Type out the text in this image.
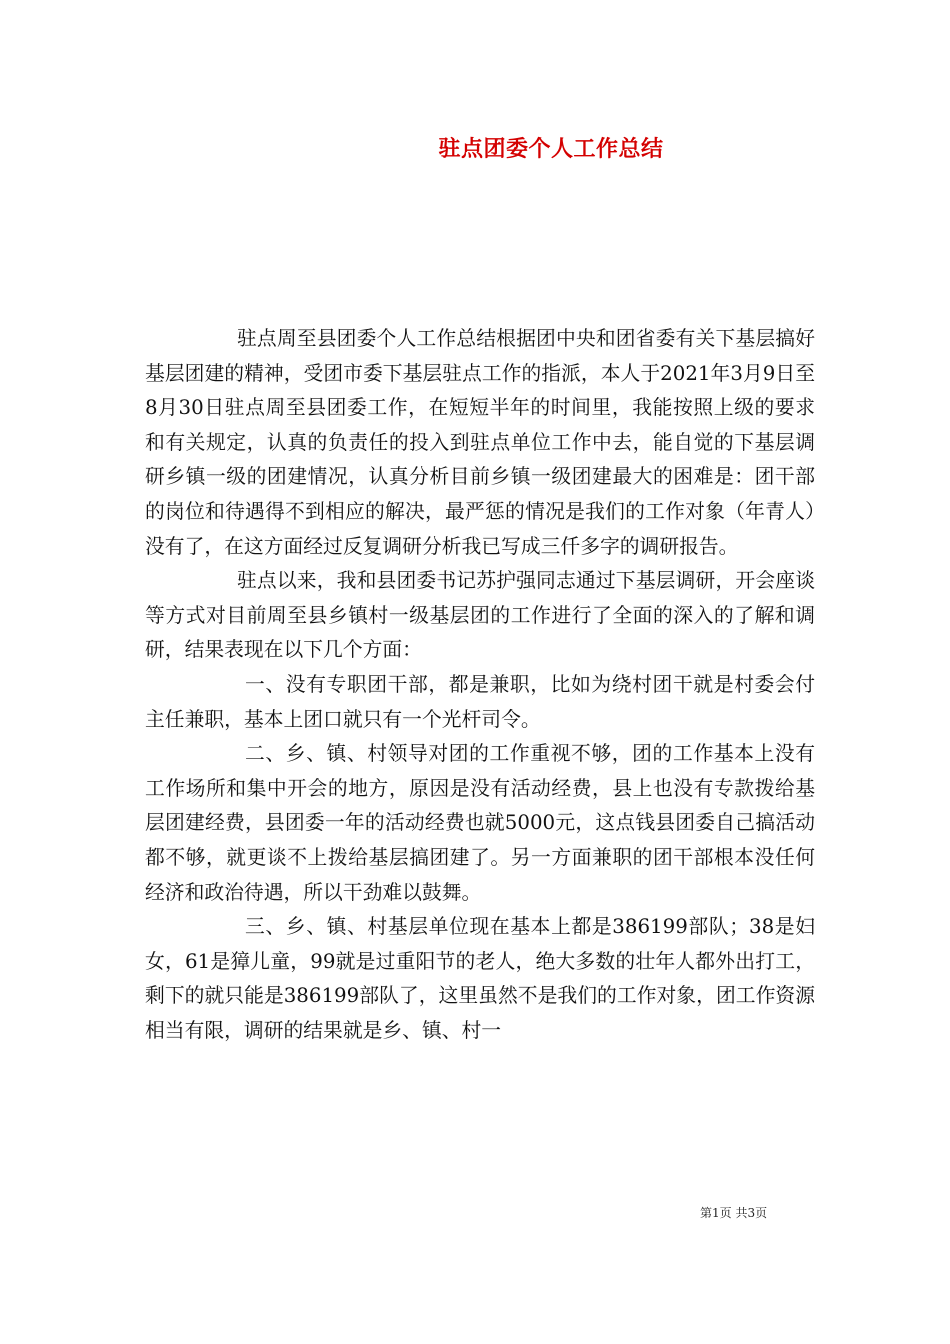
驻点团委个人工作总结

驻点周至县团委个人工作总结根据团中央和团省委有关下基层搞好基层团建的精神，受团市委下基层驻点工作的指派，本人于2021年3月9日至8月30日驻点周至县团委工作，在短短半年的时间里，我能按照上级的要求和有关规定，认真的负责任的投入到驻点单位工作中去，能自觉的下基层调研乡镇一级的团建情况，认真分析目前乡镇一级团建最大的困难是：团干部的岗位和待遇得不到相应的解决，最严惩的情况是我们的工作对象（年青人）没有了，在这方面经过反复调研分析我已写成三仟多字的调研报告。

驻点以来，我和县团委书记苏护强同志通过下基层调研，开会座谈等方式对目前周至县乡镇村一级基层团的工作进行了全面的深入的了解和调研，结果表现在以下几个方面：

一、没有专职团干部，都是兼职，比如为绕村团干就是村委会付主任兼职，基本上团口就只有一个光杆司令。

二、乡、镇、村领导对团的工作重视不够，团的工作基本上没有工作场所和集中开会的地方，原因是没有活动经费，县上也没有专款拨给基层团建经费，县团委一年的活动经费也就5000元，这点钱县团委自己搞活动都不够，就更谈不上拨给基层搞团建了。另一方面兼职的团干部根本没任何经济和政治待遇，所以干劲难以鼓舞。

三、乡、镇、村基层单位现在基本上都是386199部队；38是妇女，61是獐儿童，99就是过重阳节的老人，绝大多数的壮年人都外出打工，剩下的就只能是386199部队了，这里虽然不是我们的工作对象，团工作资源相当有限，调研的结果就是乡、镇、村一

第1页 共3页
